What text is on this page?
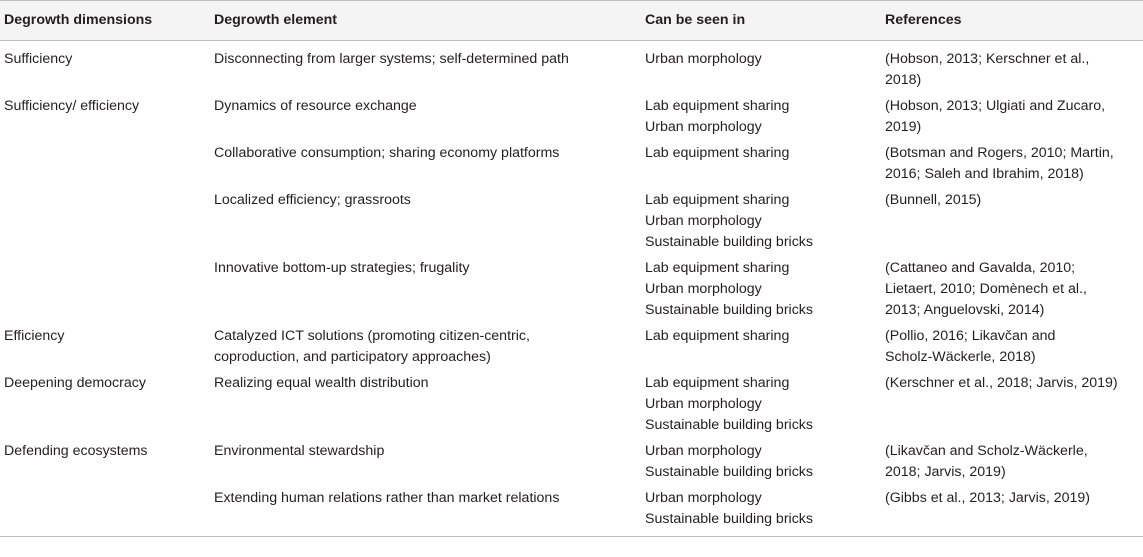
Degrowth dimensions	Degrowth element	Can be seen in	References
Sufficiency	Disconnecting from larger systems; self-determined path	Urban morphology	(Hobson, 2013; Kerschner et al.,
2018)

Sufficiency/ efficiency	Dynamics of resource exchange	Lab equipment sharing
Urban morphology	(Hobson, 2013; Ulgiati and Zucaro,
2019)

	Collaborative consumption; sharing economy platforms	Lab equipment sharing	(Botsman and Rogers, 2010; Martin,
2016; Saleh and Ibrahim, 2018)

	Localized efficiency; grassroots	Lab equipment sharing
Urban morphology
Sustainable building bricks	(Bunnell, 2015)

	Innovative bottom-up strategies; frugality	Lab equipment sharing
Urban morphology
Sustainable building bricks	(Cattaneo and Gavalda, 2010;
Lietaert, 2010; Domènech et al.,
2013; Anguelovski, 2014)

Efficiency	Catalyzed ICT solutions (promoting citizen-centric,
coproduction, and participatory approaches)	Lab equipment sharing	(Pollio, 2016; Likavčan and
Scholz-Wäckerle, 2018)

Deepening democracy	Realizing equal wealth distribution	Lab equipment sharing
Urban morphology
Sustainable building bricks	(Kerschner et al., 2018; Jarvis, 2019)

Defending ecosystems	Environmental stewardship	Urban morphology
Sustainable building bricks	(Likavčan and Scholz-Wäckerle,
2018; Jarvis, 2019)

	Extending human relations rather than market relations	Urban morphology
Sustainable building bricks	(Gibbs et al., 2013; Jarvis, 2019)
